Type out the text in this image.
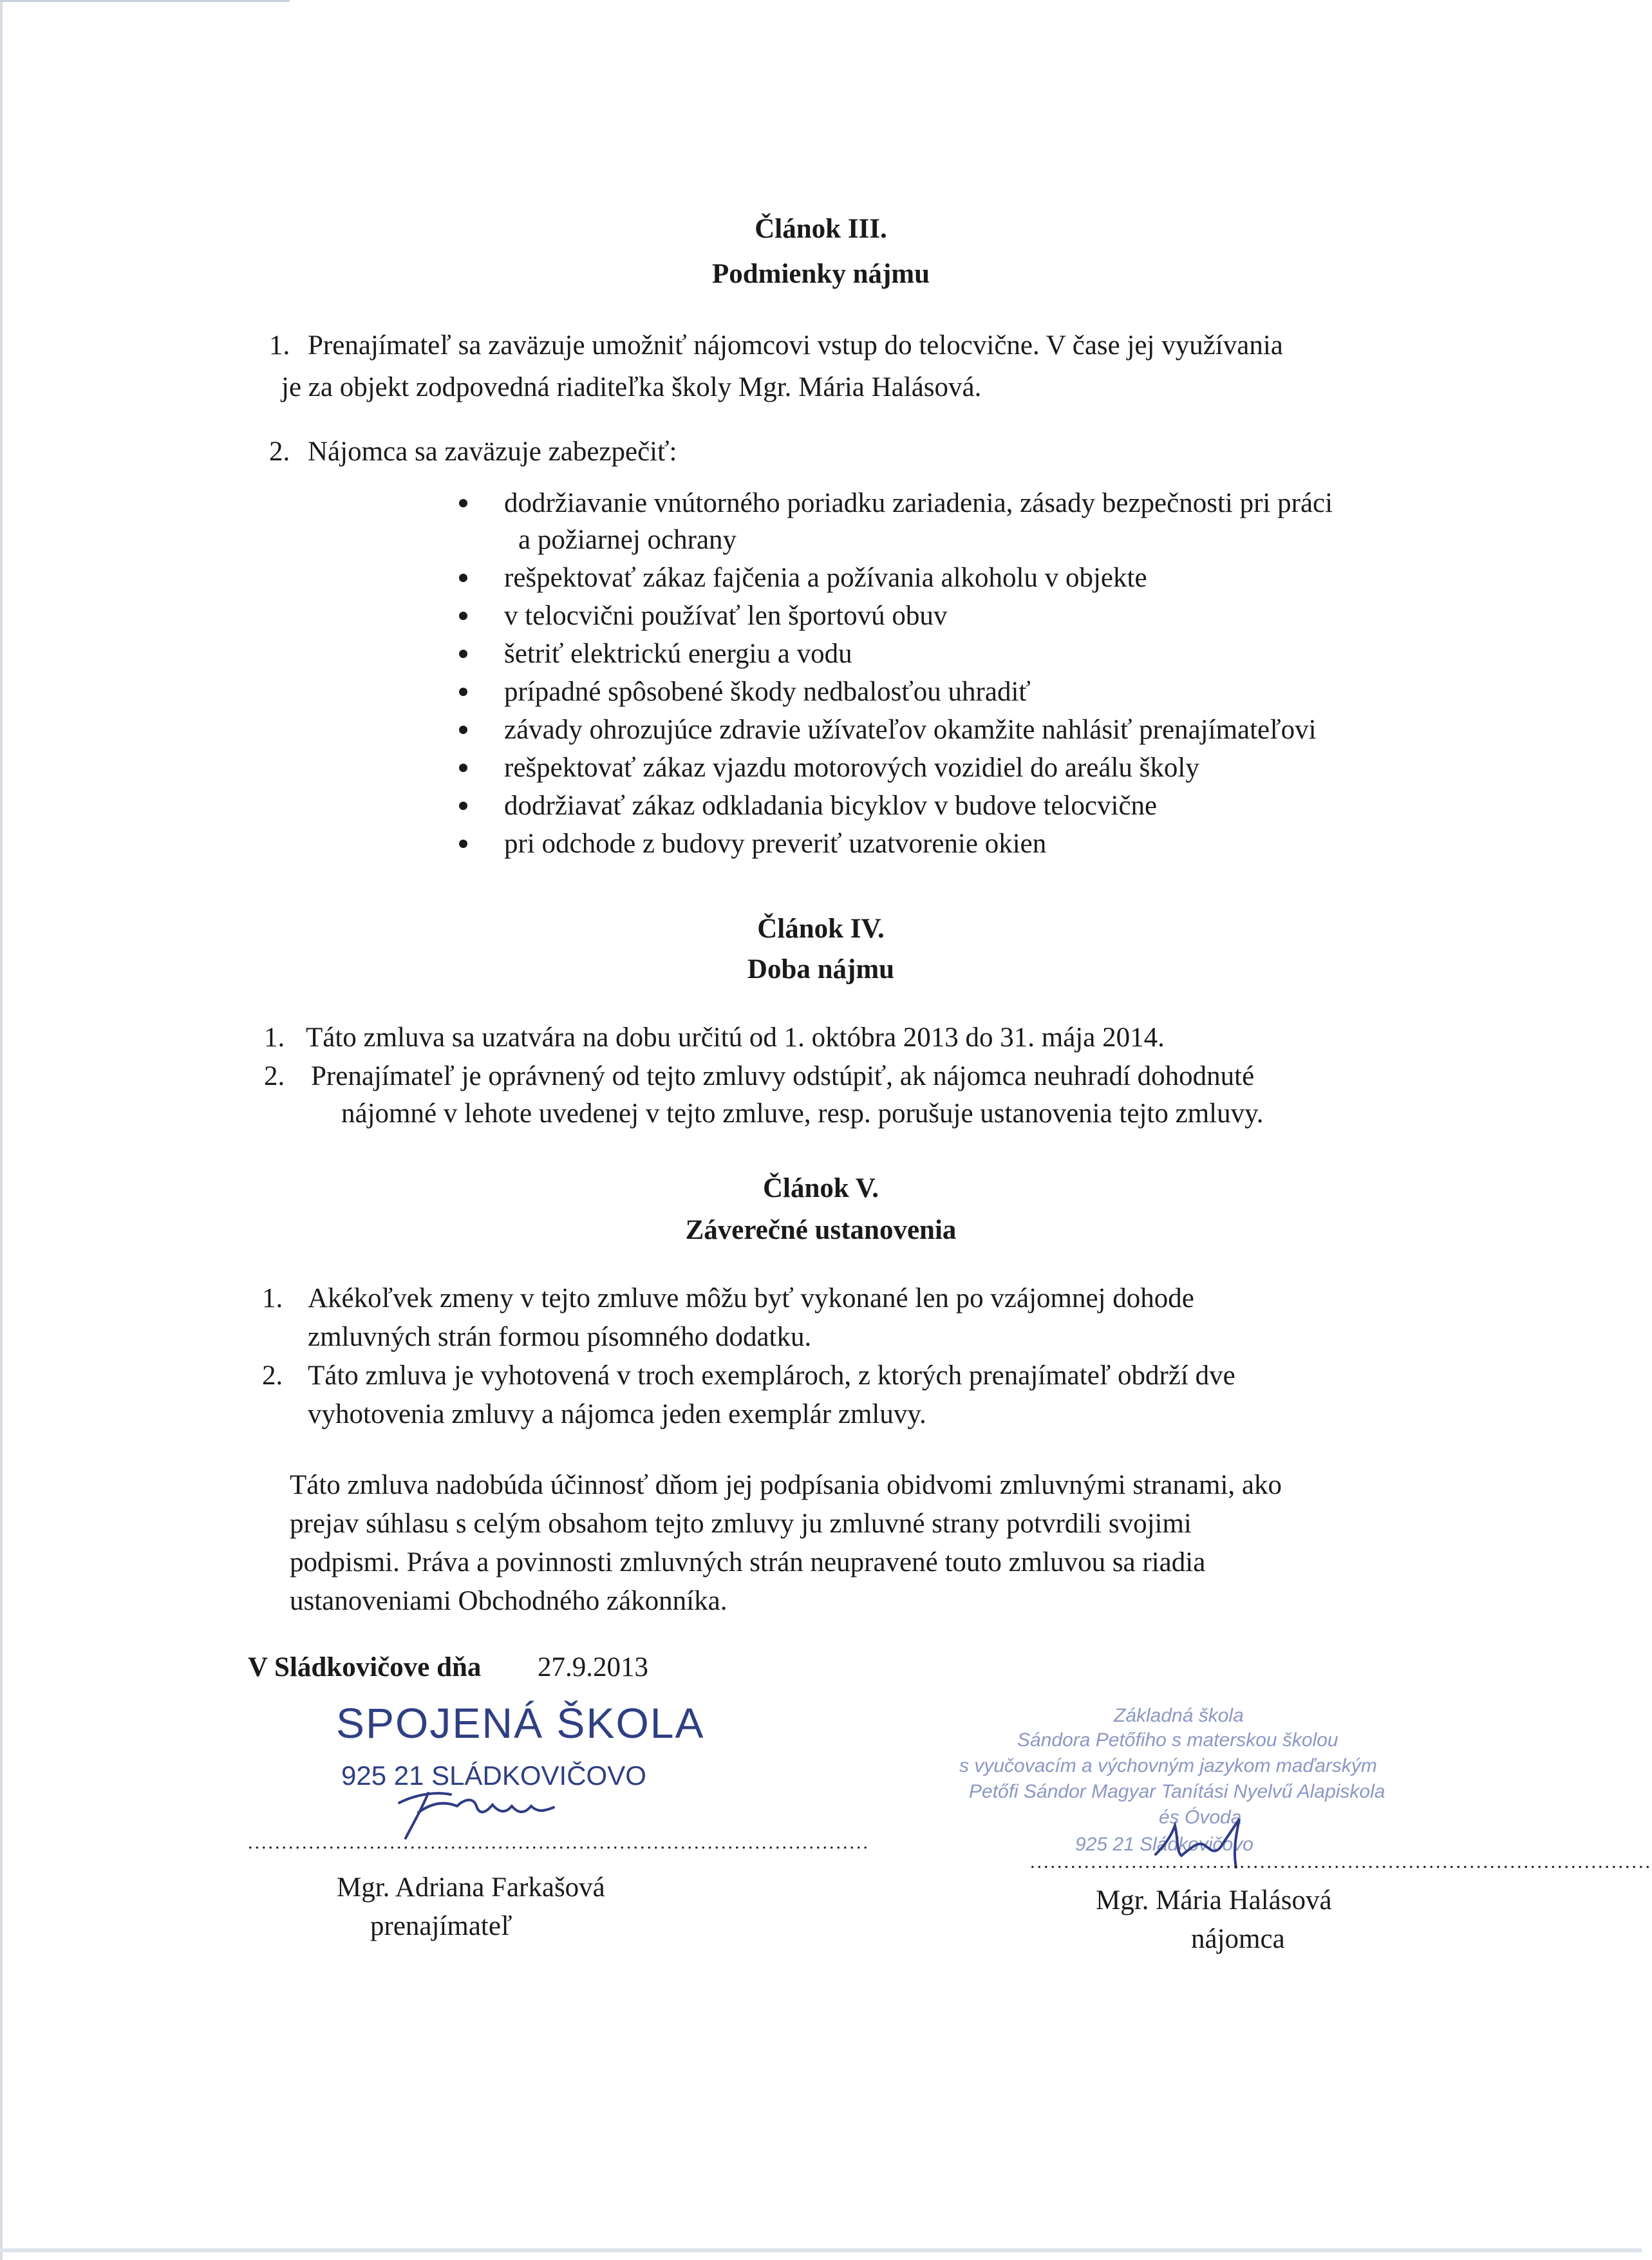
Článok III.
Podmienky nájmu
1. Prenajímateľ sa zaväzuje umožniť nájomcovi vstup do telocvične. V čase jej využívania
je za objekt zodpovedná riaditeľka školy Mgr. Mária Halásová.
2. Nájomca sa zaväzuje zabezpečiť:
dodržiavanie vnútorného poriadku zariadenia, zásady bezpečnosti pri práci
a požiarnej ochrany
rešpektovať zákaz fajčenia a požívania alkoholu v objekte
v telocvični používať len športovú obuv
šetriť elektrickú energiu a vodu
prípadné spôsobené škody nedbalosťou uhradiť
závady ohrozujúce zdravie užívateľov okamžite nahlásiť prenajímateľovi
rešpektovať zákaz vjazdu motorových vozidiel do areálu školy
dodržiavať zákaz odkladania bicyklov v budove telocvične
pri odchode z budovy preveriť uzatvorenie okien
Článok IV.
Doba nájmu
1. Táto zmluva sa uzatvára na dobu určitú od 1. októbra 2013 do 31. mája 2014.
2. Prenajímateľ je oprávnený od tejto zmluvy odstúpiť, ak nájomca neuhradí dohodnuté
nájomné v lehote uvedenej v tejto zmluve, resp. porušuje ustanovenia tejto zmluvy.
Článok V.
Záverečné ustanovenia
1. Akékoľvek zmeny v tejto zmluve môžu byť vykonané len po vzájomnej dohode
zmluvných strán formou písomného dodatku.
2. Táto zmluva je vyhotovená v troch exemplároch, z ktorých prenajímateľ obdrží dve
vyhotovenia zmluvy a nájomca jeden exemplár zmluvy.
Táto zmluva nadobúda účinnosť dňom jej podpísania obidvomi zmluvnými stranami, ako
prejav súhlasu s celým obsahom tejto zmluvy ju zmluvné strany potvrdili svojimi
podpismi. Práva a povinnosti zmluvných strán neupravené touto zmluvou sa riadia
ustanoveniami Obchodného zákonníka.
V Sládkovičove dňa 27.9.2013
SPOJENÁ ŠKOLA
925 21 SLÁDKOVIČOVO
............................................................................................
Mgr. Adriana Farkašová
prenajímateľ
Základná škola
Sándora Petőfiho s materskou školou
s vyučovacím a výchovným jazykom maďarským
Petőfi Sándor Magyar Tanítási Nyelvű Alapiskola
és Óvoda
925 21 Sládkovičovo
............................................................................................
Mgr. Mária Halásová
nájomca
